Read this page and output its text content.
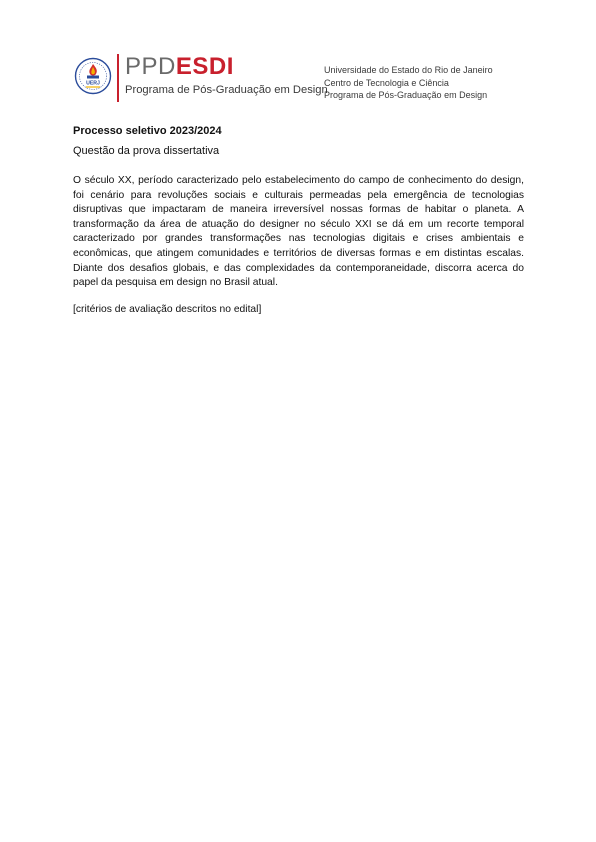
UERJ
PPDESDI
Programa de Pós-Graduação em Design
Universidade do Estado do Rio de Janeiro
Centro de Tecnologia e Ciência
Programa de Pós-Graduação em Design

Processo seletivo 2023/2024

Questão da prova dissertativa

O século XX, período caracterizado pelo estabelecimento do campo de conhecimento do design, foi cenário para revoluções sociais e culturais permeadas pela emergência de tecnologias disruptivas que impactaram de maneira irreversível nossas formas de habitar o planeta. A transformação da área de atuação do designer no século XXI se dá em um recorte temporal caracterizado por grandes transformações nas tecnologias digitais e crises ambientais e econômicas, que atingem comunidades e territórios de diversas formas e em distintas escalas. Diante dos desafios globais, e das complexidades da contemporaneidade, discorra acerca do papel da pesquisa em design no Brasil atual.

[critérios de avaliação descritos no edital]
